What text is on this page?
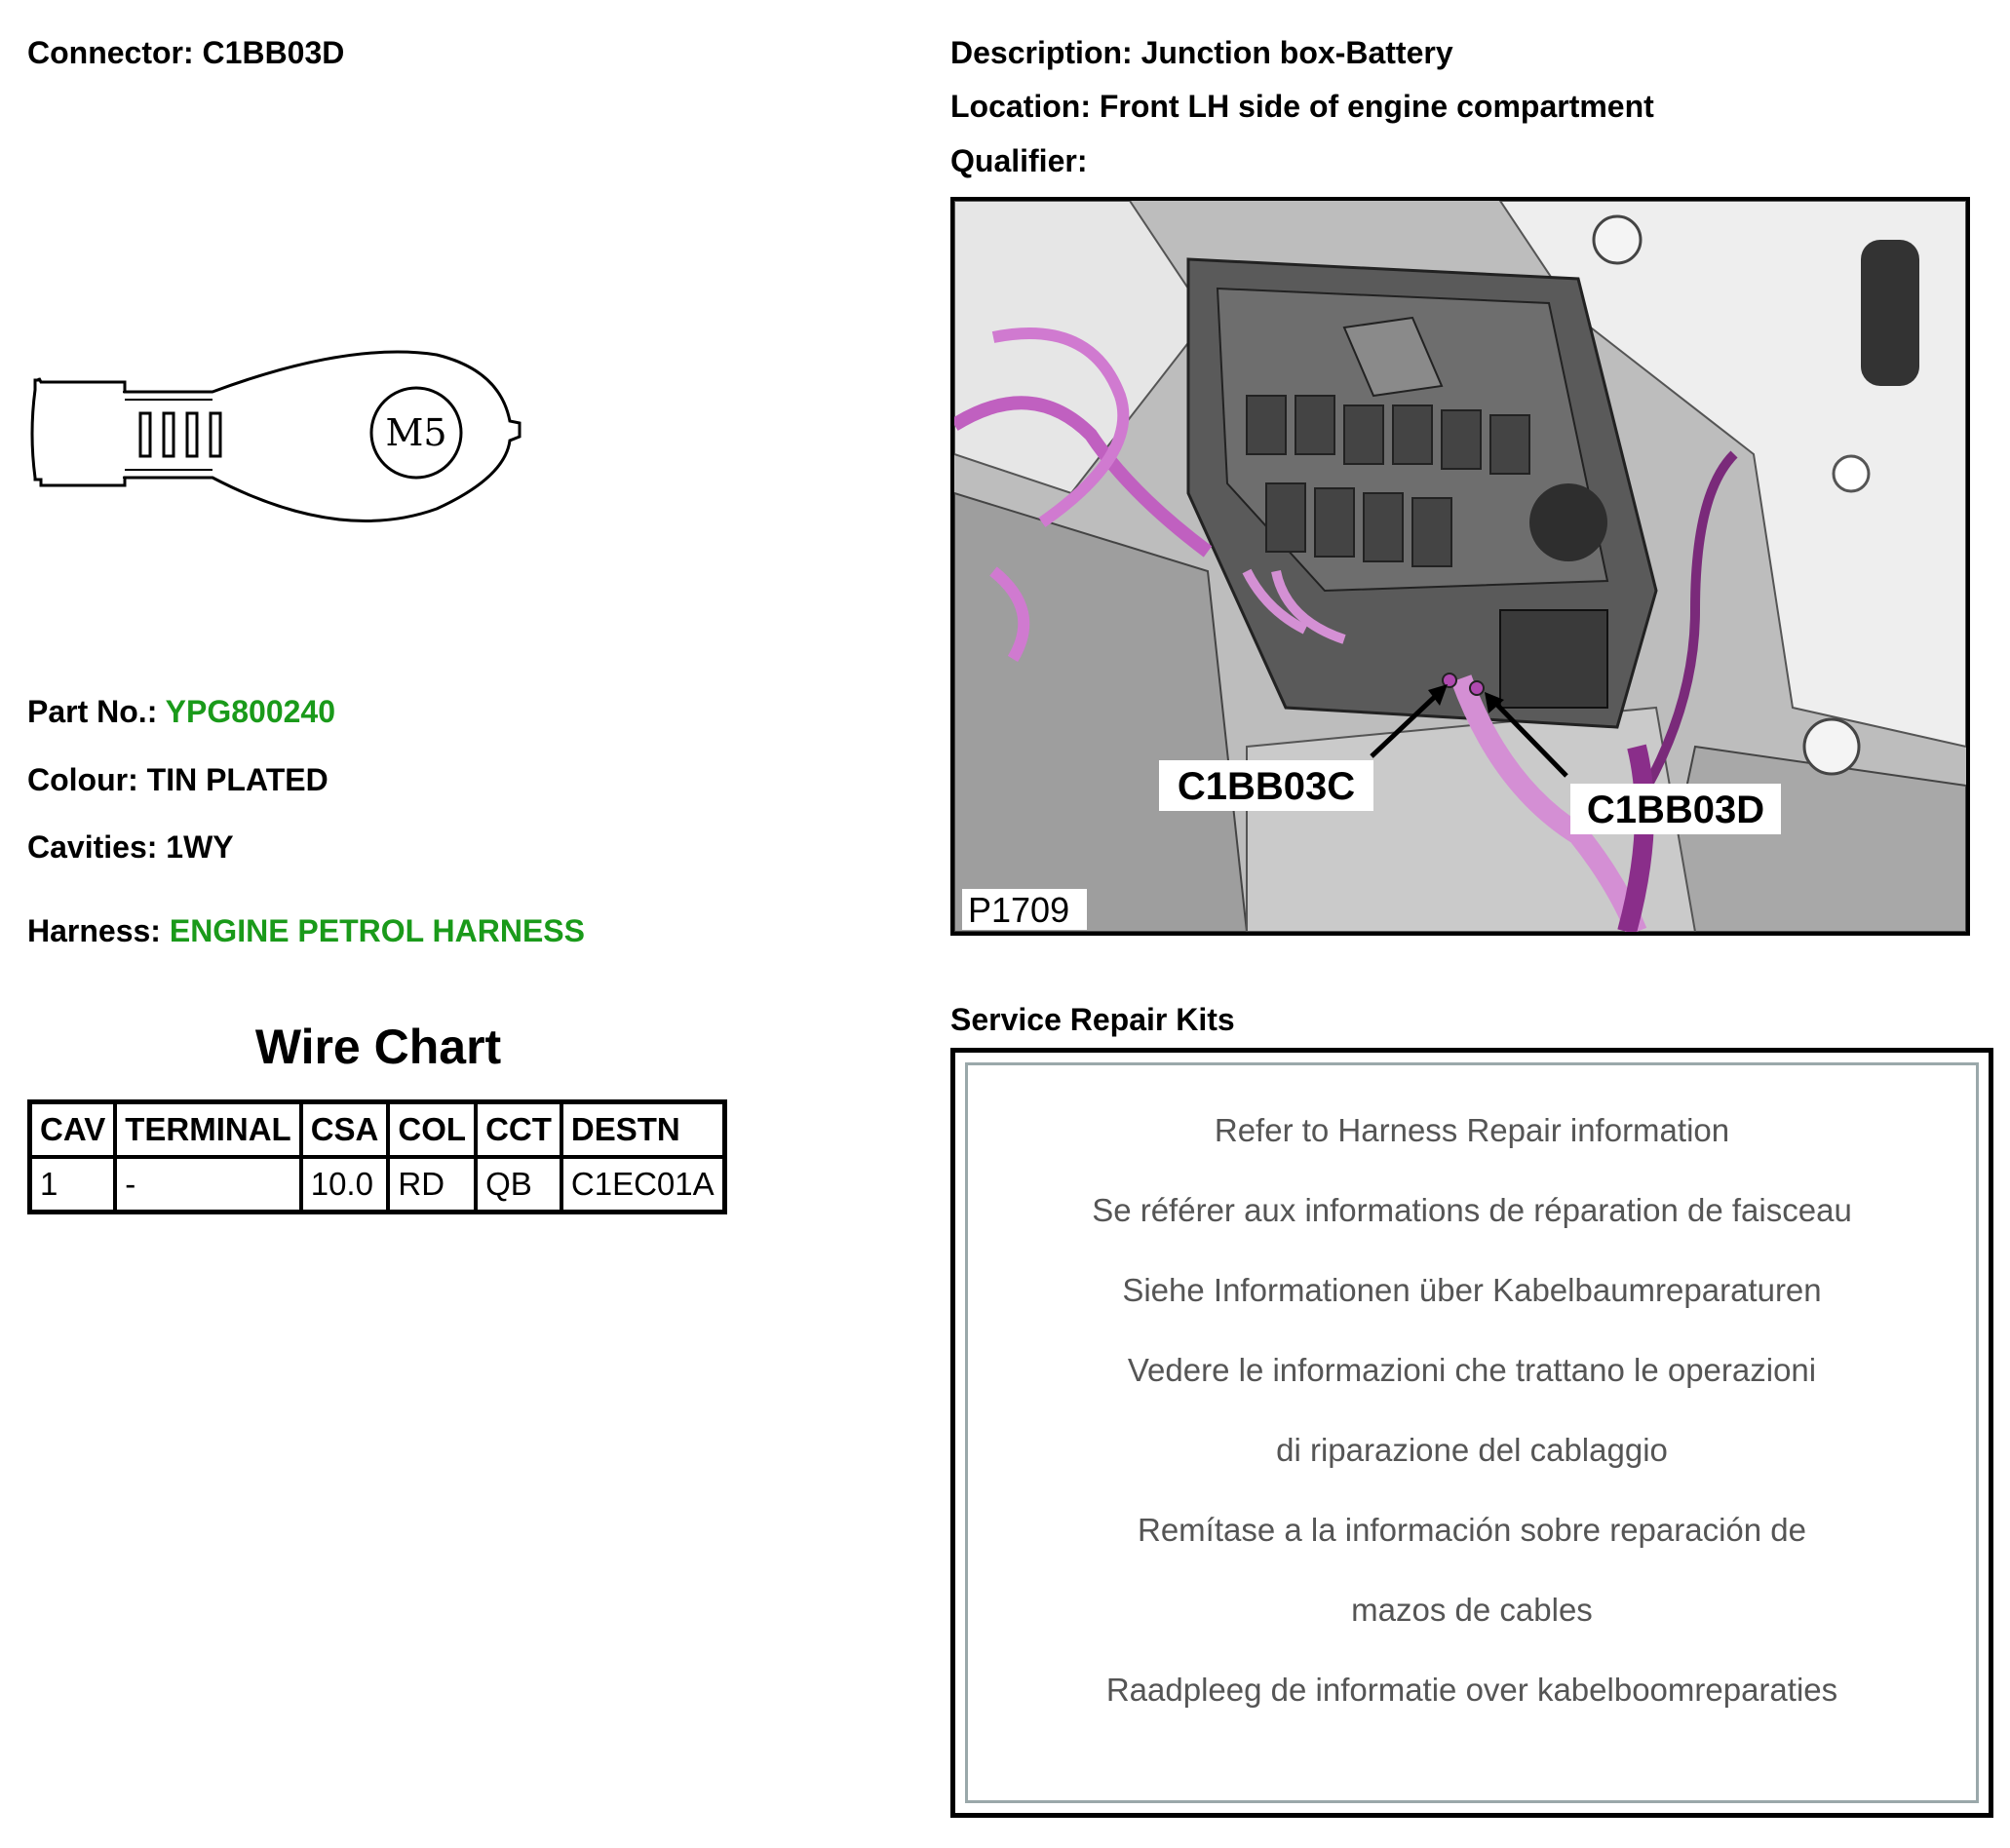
Connector: C1BB03D
M5
Part No.: YPG800240
Colour: TIN PLATED
Cavities: 1WY
Harness: ENGINE PETROL HARNESS
Wire Chart
CAV	TERMINAL	CSA	COL	CCT	DESTN
1	-	10.0	RD	QB	C1EC01A
Description: Junction box-Battery
Location: Front LH side of engine compartment
Qualifier:
C1BB03C
C1BB03D
P1709
Service Repair Kits
Refer to Harness Repair information
Se référer aux informations de réparation de faisceau
Siehe Informationen über Kabelbaumreparaturen
Vedere le informazioni che trattano le operazioni
di riparazione del cablaggio
Remítase a la información sobre reparación de
mazos de cables
Raadpleeg de informatie over kabelboomreparaties
